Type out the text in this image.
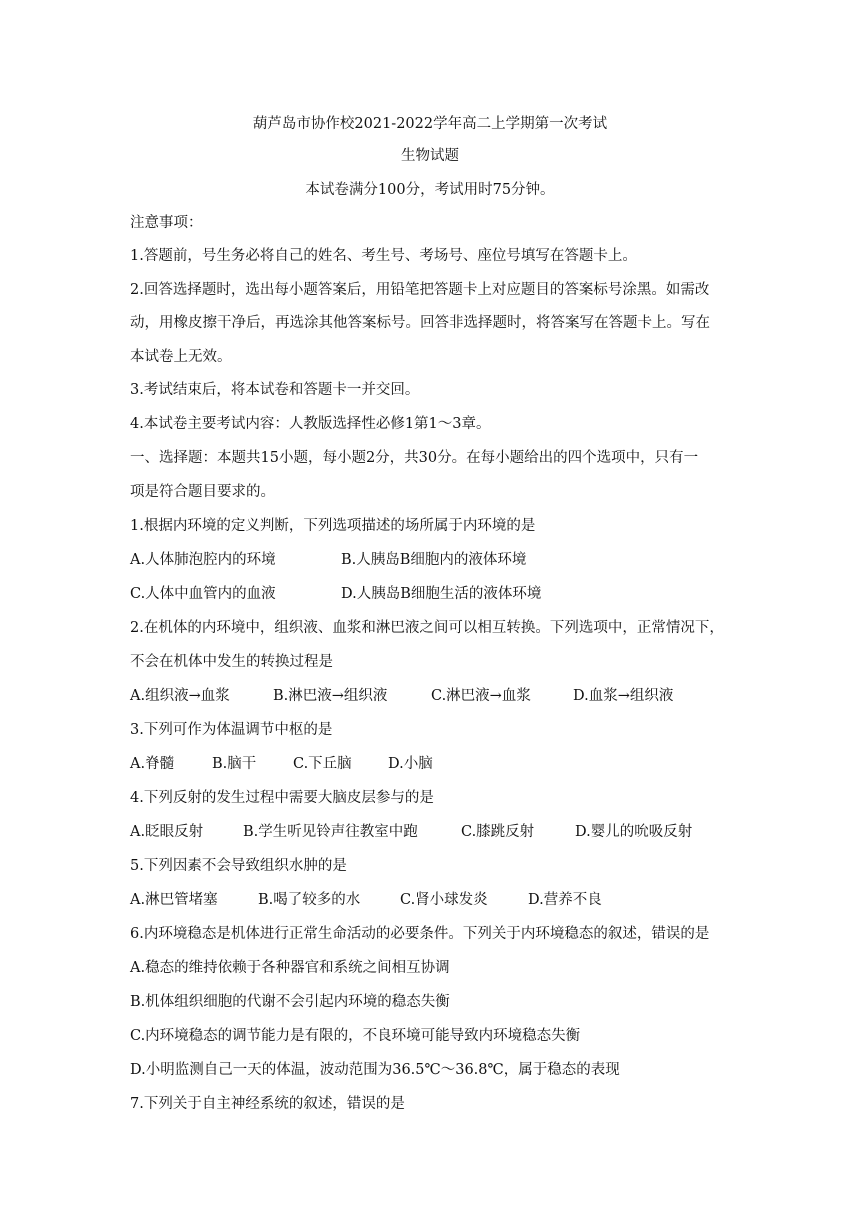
葫芦岛市协作校2021-2022学年高二上学期第一次考试
生物试题
本试卷满分100分，考试用时75分钟。
注意事项：
1.答题前，号生务必将自己的姓名、考生号、考场号、座位号填写在答题卡上。
2.回答选择题时，选出每小题答案后，用铅笔把答题卡上对应题目的答案标号涂黑。如需改
动，用橡皮擦干净后，再选涂其他答案标号。回答非选择题时，将答案写在答题卡上。写在
本试卷上无效。
3.考试结束后，将本试卷和答题卡一并交回。
4.本试卷主要考试内容：人教版选择性必修1第1～3章。
一、选择题：本题共15小题，每小题2分，共30分。在每小题给出的四个选项中，只有一
项是符合题目要求的。
1.根据内环境的定义判断，下列选项描述的场所属于内环境的是
A.人体肺泡腔内的环境	B.人胰岛B细胞内的液体环境
C.人体中血管内的血液	D.人胰岛B细胞生活的液体环境
2.在机体的内环境中，组织液、血浆和淋巴液之间可以相互转换。下列选项中，正常情况下，
不会在机体中发生的转换过程是
A.组织液→血浆	B.淋巴液→组织液	C.淋巴液→血浆	D.血浆→组织液
3.下列可作为体温调节中枢的是
A.脊髓	B.脑干	C.下丘脑	D.小脑
4.下列反射的发生过程中需要大脑皮层参与的是
A.眨眼反射	B.学生听见铃声往教室中跑	C.膝跳反射	D.婴儿的吮吸反射
5.下列因素不会导致组织水肿的是
A.淋巴管堵塞	B.喝了较多的水	C.肾小球发炎	D.营养不良
6.内环境稳态是机体进行正常生命活动的必要条件。下列关于内环境稳态的叙述，错误的是
A.稳态的维持依赖于各种器官和系统之间相互协调
B.机体组织细胞的代谢不会引起内环境的稳态失衡
C.内环境稳态的调节能力是有限的，不良环境可能导致内环境稳态失衡
D.小明监测自己一天的体温，波动范围为36.5℃～36.8℃，属于稳态的表现
7.下列关于自主神经系统的叙述，错误的是
